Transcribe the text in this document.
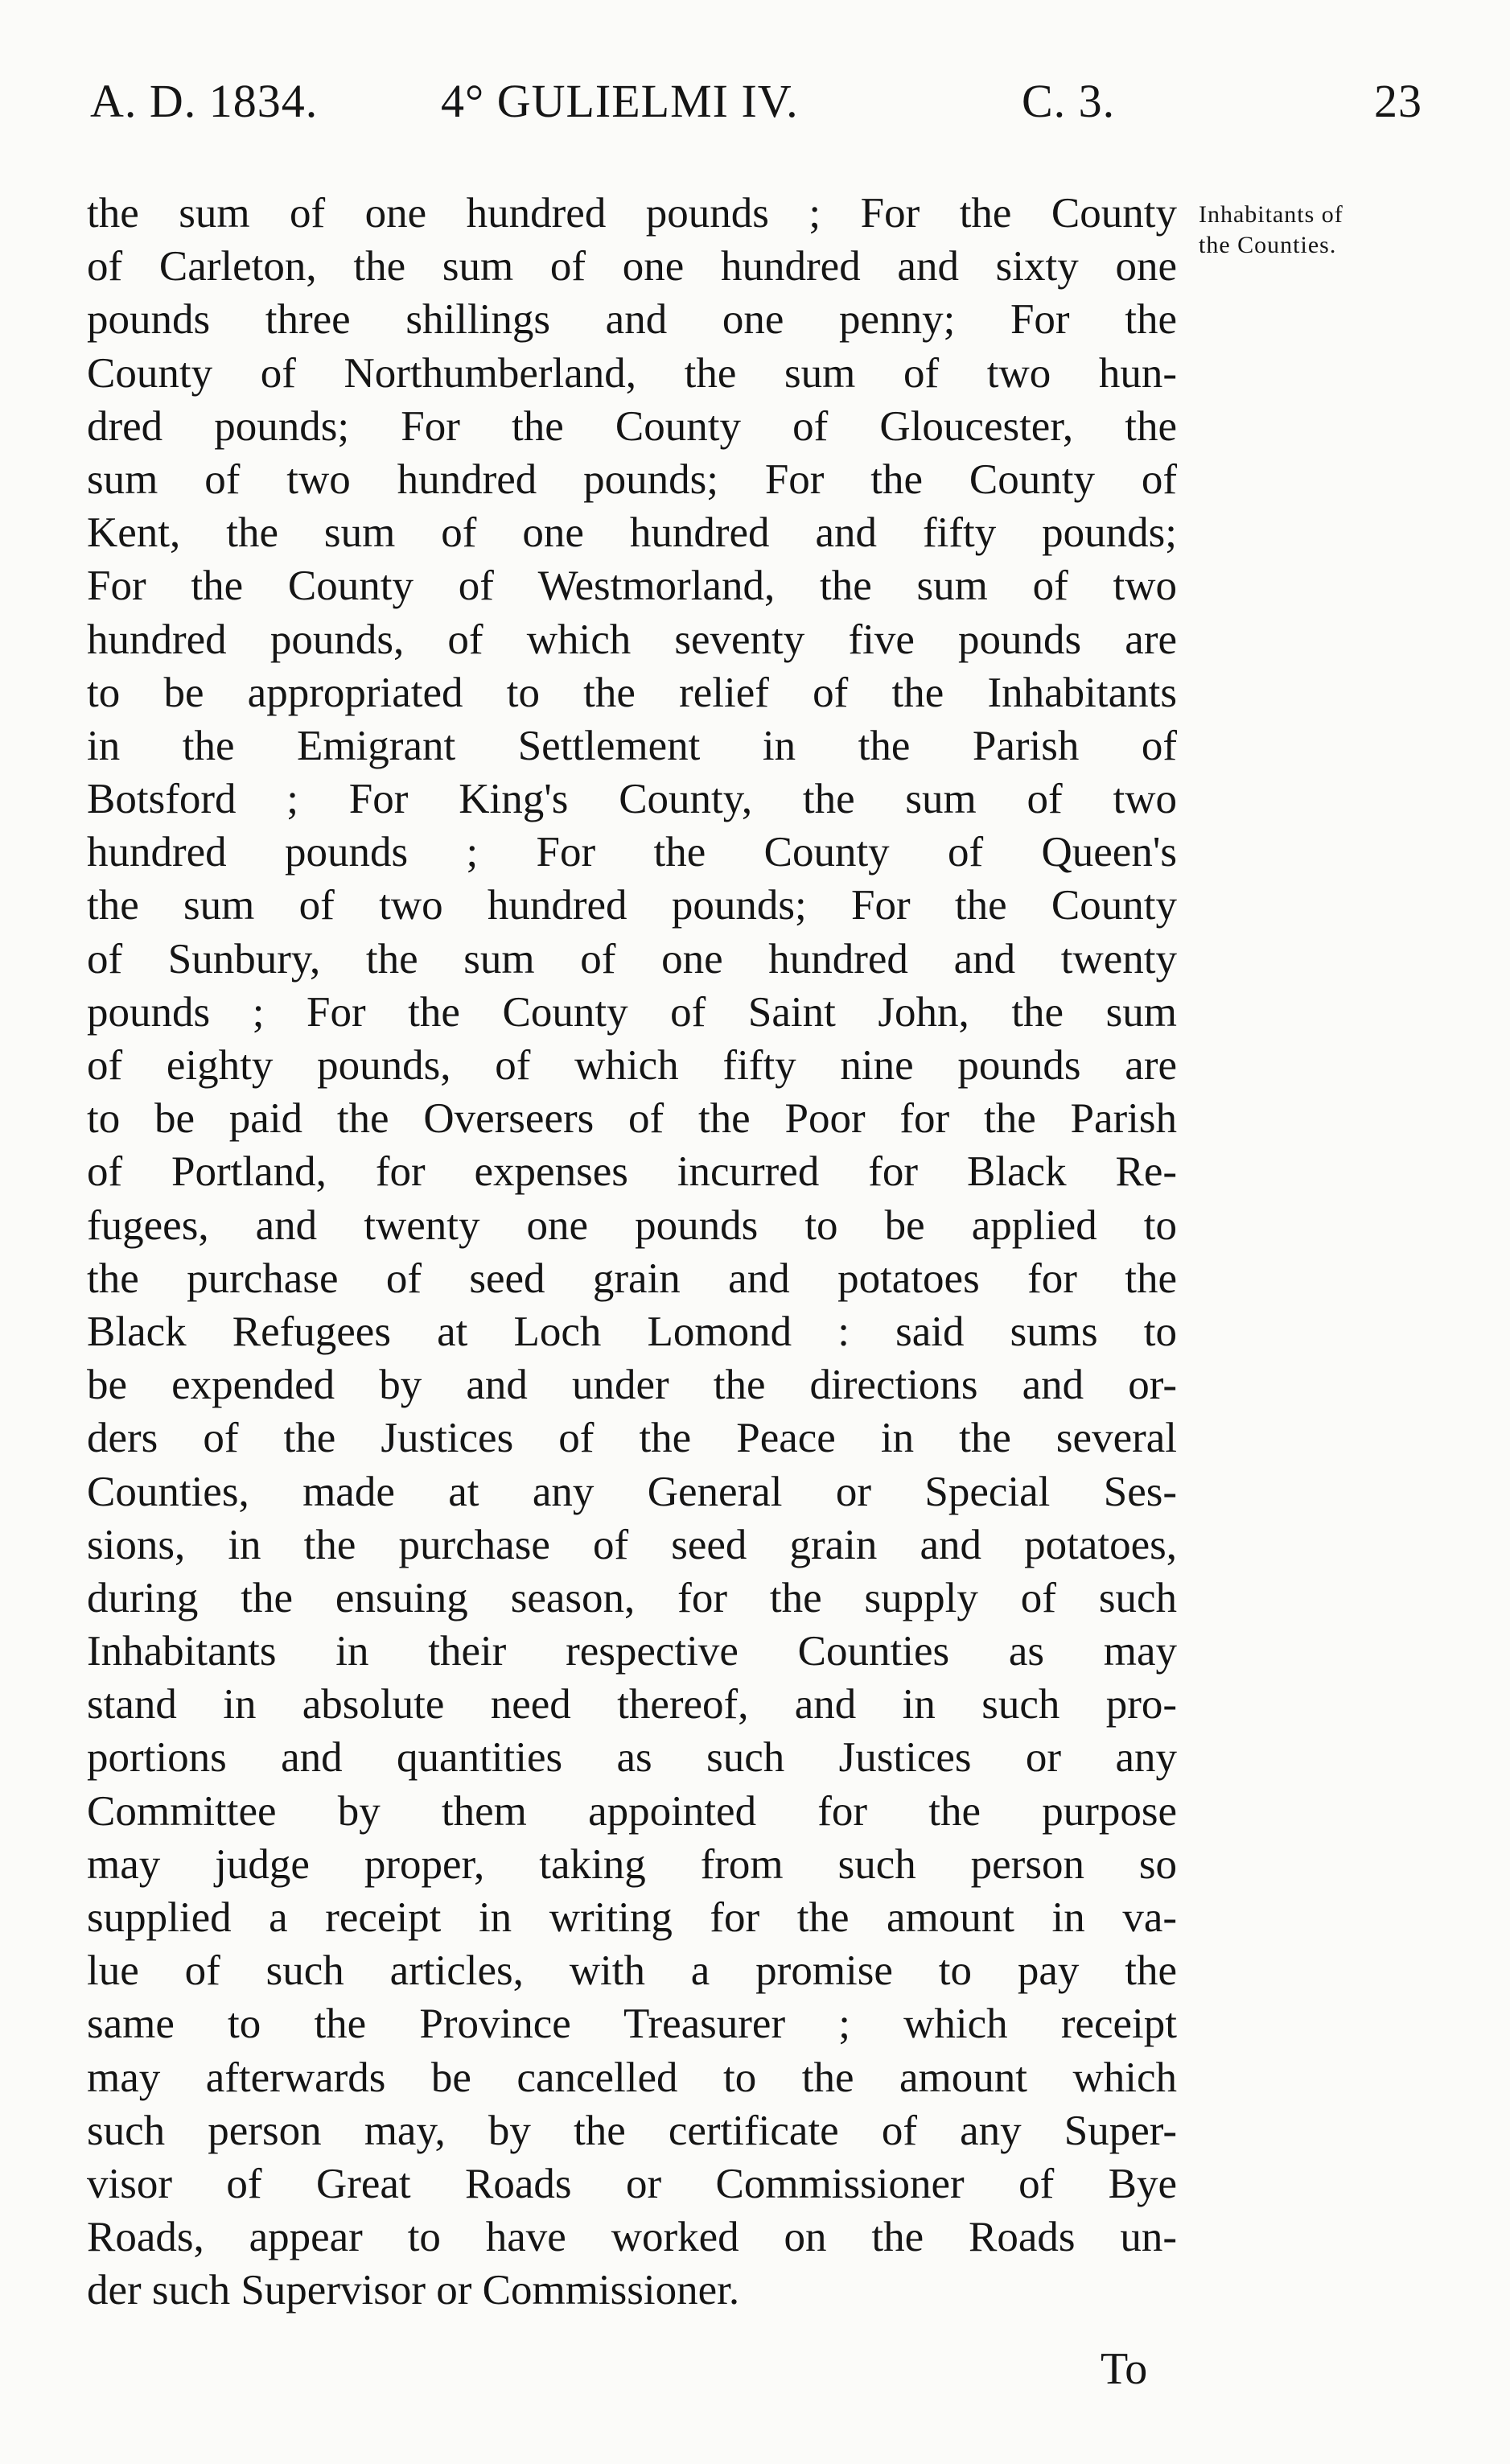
A. D. 1834.	4° GULIELMI IV.	C. 3.	23
Inhabitants of
the Counties.
the sum of one hundred pounds ; For the County
of Carleton, the sum of one hundred and sixty one
pounds three shillings and one penny; For the
County of Northumberland, the sum of two hun-
dred pounds; For the County of Gloucester, the
sum of two hundred pounds; For the County of
Kent, the sum of one hundred and fifty pounds;
For the County of Westmorland, the sum of two
hundred pounds, of which seventy five pounds are
to be appropriated to the relief of the Inhabitants
in the Emigrant Settlement in the Parish of
Botsford ; For King's County, the sum of two
hundred pounds ; For the County of Queen's
the sum of two hundred pounds; For the County
of Sunbury, the sum of one hundred and twenty
pounds ; For the County of Saint John, the sum
of eighty pounds, of which fifty nine pounds are
to be paid the Overseers of the Poor for the Parish
of Portland, for expenses incurred for Black Re-
fugees, and twenty one pounds to be applied to
the purchase of seed grain and potatoes for the
Black Refugees at Loch Lomond : said sums to
be expended by and under the directions and or-
ders of the Justices of the Peace in the several
Counties, made at any General or Special Ses-
sions, in the purchase of seed grain and potatoes,
during the ensuing season, for the supply of such
Inhabitants in their respective Counties as may
stand in absolute need thereof, and in such pro-
portions and quantities as such Justices or any
Committee by them appointed for the purpose
may judge proper, taking from such person so
supplied a receipt in writing for the amount in va-
lue of such articles, with a promise to pay the
same to the Province Treasurer ; which receipt
may afterwards be cancelled to the amount which
such person may, by the certificate of any Super-
visor of Great Roads or Commissioner of Bye
Roads, appear to have worked on the Roads un-
der such Supervisor or Commissioner.
To
